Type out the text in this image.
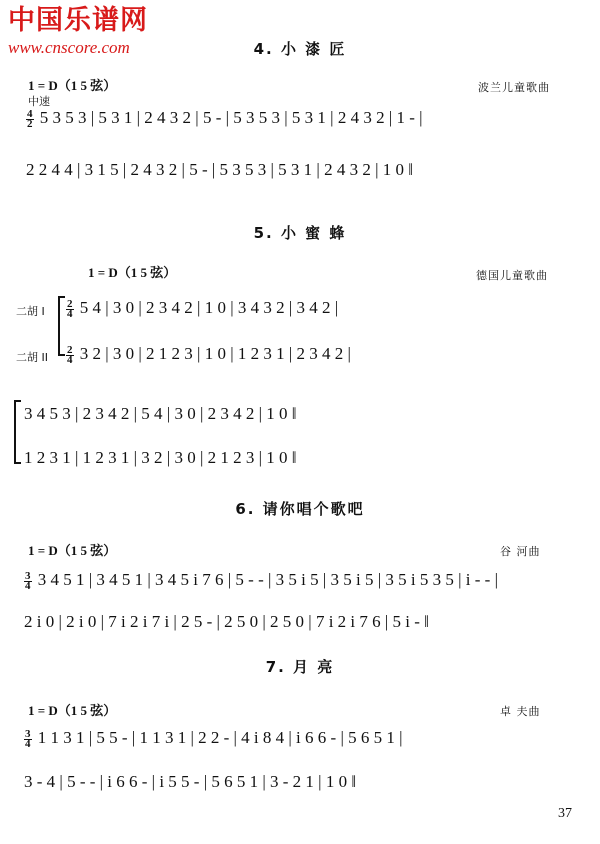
中国乐谱网
www.cnscore.com	4. 小 漆 匠
1 = D（1 5 弦）
中速
波兰儿童歌曲
$\frac{4}{2} 5$ 3 5 3 | 5 3 1 | 2 4 3 2 | 5 - | 5 3 5 3 | 5 3 1 | 2 4 3 2 | 1 - |
2 2 4 4 | 3 1 5 | 2 4 3 2 | 5 - | 5 3 5 3 | 5 3 1 | 2 4 3 2 | 1 0 ‖
5. 小 蜜 蜂
1 = D（1 5 弦）	德国儿童歌曲
二胡 I $\frac{2}{4} 5$ 4 | 3 0 | 2 3 4 2 | 1 0 | 3 4 3 2 | 3 4 2 |
二胡 II $\frac{2}{4} 3$ 2 | 3 0 | 2 1 2 3 | 1 0 | 1 2 3 1 | 2 3 4 2 |
3 4 5 3 | 2 3 4 2 | 5 4 | 3 0 | 2 3 4 2 | 1 0 ‖
1 2 3 1 | 1 2 3 1 | 3 2 | 3 0 | 2 1 2 3 | 1 0 ‖
6. 请你唱个歌吧
1 = D（1 5 弦）	谷 河曲
$\frac{3}{4} 3$ 4 5 1 | 3 4 5 1 | 3 4 5 i 7 6 | 5 - - | 3 5 i 5 | 3 5 i 5 | 3 5 i 5 3 5 | i - - |
2 i 0 | 2 i 0 | 7 i 2 i 7 i | 2 5 - | 2 5 0 | 2 5 0 | 7 i 2 i 7 6 | 5 i - ‖
7. 月 亮
1 = D（1 5 弦）	卓 夫曲
$\frac{3}{4} 1$ 1 3 1 | 5 5 - | 1 1 3 1 | 2 2 - | 4 i 8 4 | i 6 6 - | 5 6 5 1 |
3 - 4 | 5 - - | i 6 6 - | i 5 5 - | 5 6 5 1 | 3 - 2 1 | 1 0 ‖
37
